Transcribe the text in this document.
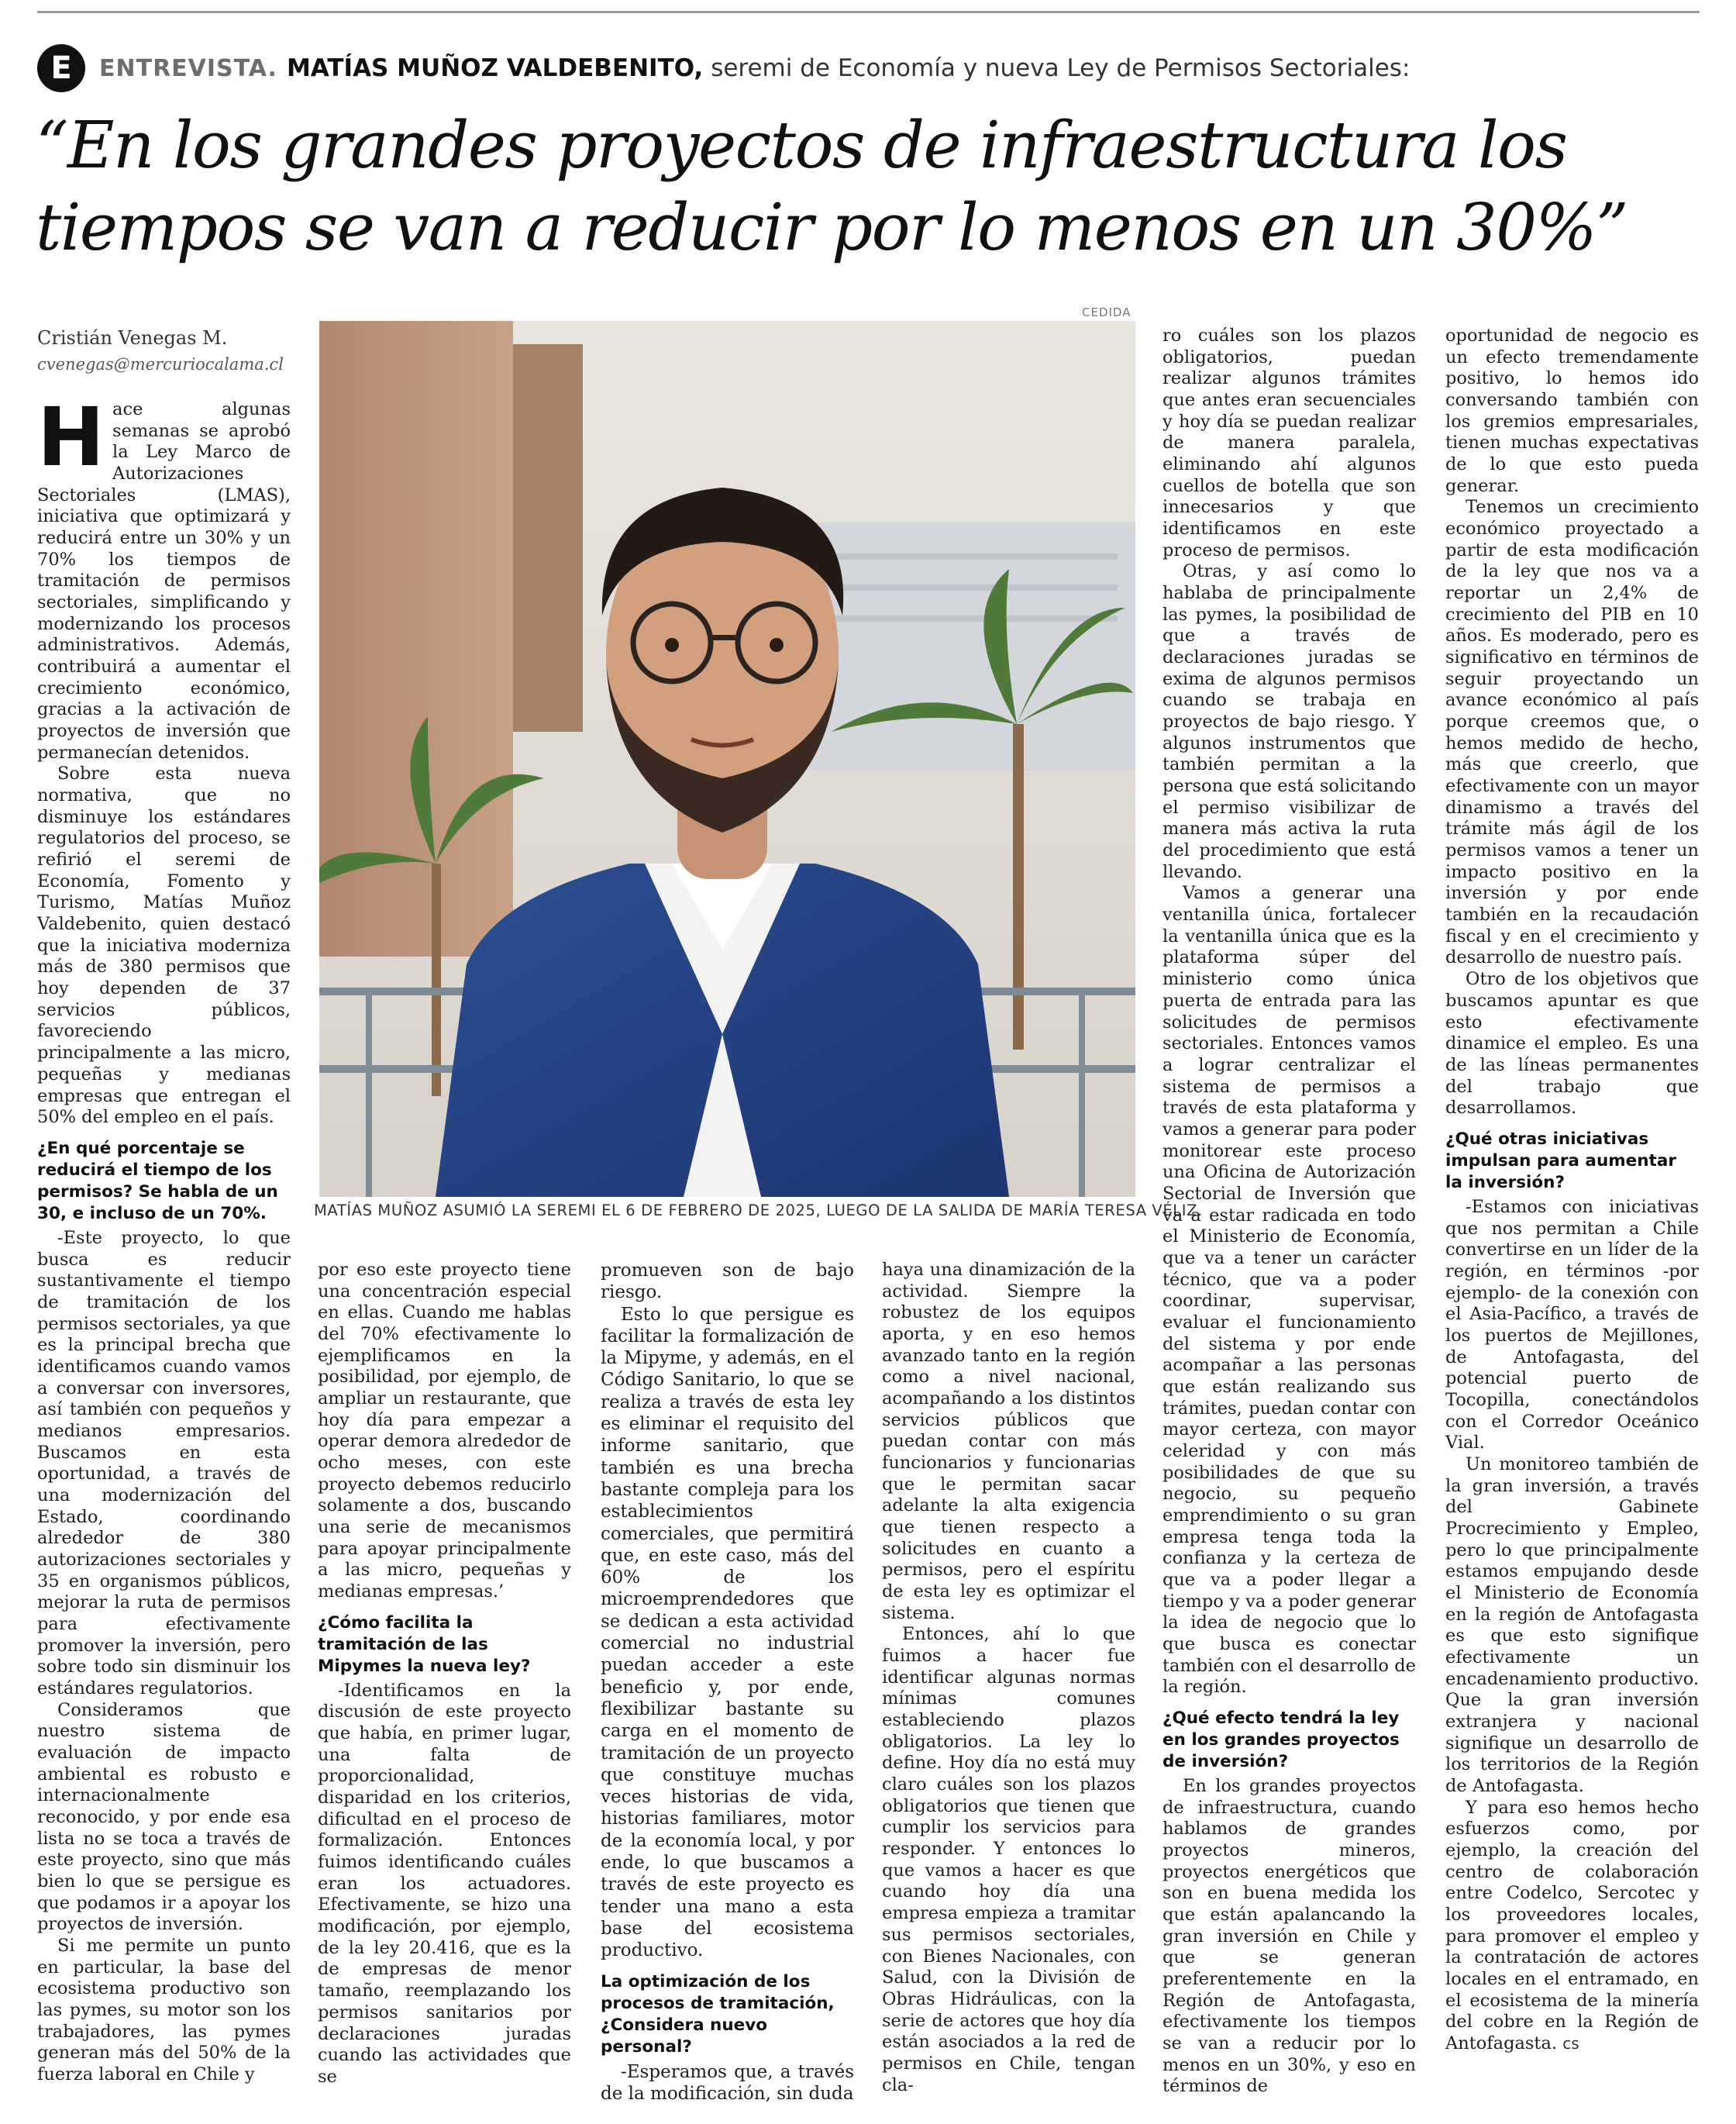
E	ENTREVISTA. MATÍAS MUÑOZ VALDEBENITO, seremi de Economía y nueva Ley de Permisos Sectoriales:
“En los grandes proyectos de infraestructura los
tiempos se van a reducir por lo menos en un 30%”
CEDIDA
Cristián Venegas M.
cvenegas@mercuriocalama.cl
MATÍAS MUÑOZ ASUMIÓ LA SEREMI EL 6 DE FEBRERO DE 2025, LUEGO DE LA SALIDA DE MARÍA TERESA VÉLIZ.

Hace algunas semanas se aprobó la Ley Marco de Autorizaciones Sectoriales (LMAS), iniciativa que optimizará y reducirá entre un 30% y un 70% los tiempos de tramitación de permisos sectoriales, simplificando y modernizando los procesos administrativos. Además, contribuirá a aumentar el crecimiento económico, gracias a la activación de proyectos de inversión que permanecían detenidos.

Sobre esta nueva normativa, que no disminuye los estándares regulatorios del proceso, se refirió el seremi de Economía, Fomento y Turismo, Matías Muñoz Valdebenito, quien destacó que la iniciativa moderniza más de 380 permisos que hoy dependen de 37 servicios públicos, favoreciendo principalmente a las micro, pequeñas y medianas empresas que entregan el 50% del empleo en el país.

¿En qué porcentaje se reducirá el tiempo de los permisos? Se habla de un 30, e incluso de un 70%.

-Este proyecto, lo que busca es reducir sustantivamente el tiempo de tramitación de los permisos sectoriales, ya que es la principal brecha que identificamos cuando vamos a conversar con inversores, así también con pequeños y medianos empresarios. Buscamos en esta oportunidad, a través de una modernización del Estado, coordinando alrededor de 380 autorizaciones sectoriales y 35 en organismos públicos, mejorar la ruta de permisos para efectivamente promover la inversión, pero sobre todo sin disminuir los estándares regulatorios.

Consideramos que nuestro sistema de evaluación de impacto ambiental es robusto e internacionalmente reconocido, y por ende esa lista no se toca a través de este proyecto, sino que más bien lo que se persigue es que podamos ir a apoyar los proyectos de inversión.

Si me permite un punto en particular, la base del ecosistema productivo son las pymes, su motor son los trabajadores, las pymes generan más del 50% de la fuerza laboral en Chile y

por eso este proyecto tiene una concentración especial en ellas. Cuando me hablas del 70% efectivamente lo ejemplificamos en la posibilidad, por ejemplo, de ampliar un restaurante, que hoy día para empezar a operar demora alrededor de ocho meses, con este proyecto debemos reducirlo solamente a dos, buscando una serie de mecanismos para apoyar principalmente a las micro, pequeñas y medianas empresas.’

¿Cómo facilita la tramitación de las Mipymes la nueva ley?

-Identificamos en la discusión de este proyecto que había, en primer lugar, una falta de proporcionalidad, disparidad en los criterios, dificultad en el proceso de formalización. Entonces fuimos identificando cuáles eran los actuadores. Efectivamente, se hizo una modificación, por ejemplo, de la ley 20.416, que es la de empresas de menor tamaño, reemplazando los permisos sanitarios por declaraciones juradas cuando las actividades que se

promueven son de bajo riesgo.

Esto lo que persigue es facilitar la formalización de la Mipyme, y además, en el Código Sanitario, lo que se realiza a través de esta ley es eliminar el requisito del informe sanitario, que también es una brecha bastante compleja para los establecimientos comerciales, que permitirá que, en este caso, más del 60% de los microemprendedores que se dedican a esta actividad comercial no industrial puedan acceder a este beneficio y, por ende, flexibilizar bastante su carga en el momento de tramitación de un proyecto que constituye muchas veces historias de vida, historias familiares, motor de la economía local, y por ende, lo que buscamos a través de este proyecto es tender una mano a esta base del ecosistema productivo.

La optimización de los procesos de tramitación, ¿Considera nuevo personal?

-Esperamos que, a través de la modificación, sin duda

haya una dinamización de la actividad. Siempre la robustez de los equipos aporta, y en eso hemos avanzado tanto en la región como a nivel nacional, acompañando a los distintos servicios públicos que puedan contar con más funcionarios y funcionarias que le permitan sacar adelante la alta exigencia que tienen respecto a solicitudes en cuanto a permisos, pero el espíritu de esta ley es optimizar el sistema.

Entonces, ahí lo que fuimos a hacer fue identificar algunas normas mínimas comunes estableciendo plazos obligatorios. La ley lo define. Hoy día no está muy claro cuáles son los plazos obligatorios que tienen que cumplir los servicios para responder. Y entonces lo que vamos a hacer es que cuando hoy día una empresa empieza a tramitar sus permisos sectoriales, con Bienes Nacionales, con Salud, con la División de Obras Hidráulicas, con la serie de actores que hoy día están asociados a la red de permisos en Chile, tengan cla-

ro cuáles son los plazos obligatorios, puedan realizar algunos trámites que antes eran secuenciales y hoy día se puedan realizar de manera paralela, eliminando ahí algunos cuellos de botella que son innecesarios y que identificamos en este proceso de permisos.

Otras, y así como lo hablaba de principalmente las pymes, la posibilidad de que a través de declaraciones juradas se exima de algunos permisos cuando se trabaja en proyectos de bajo riesgo. Y algunos instrumentos que también permitan a la persona que está solicitando el permiso visibilizar de manera más activa la ruta del procedimiento que está llevando.

Vamos a generar una ventanilla única, fortalecer la ventanilla única que es la plataforma súper del ministerio como única puerta de entrada para las solicitudes de permisos sectoriales. Entonces vamos a lograr centralizar el sistema de permisos a través de esta plataforma y vamos a generar para poder monitorear este proceso una Oficina de Autorización Sectorial de Inversión que va a estar radicada en todo el Ministerio de Economía, que va a tener un carácter técnico, que va a poder coordinar, supervisar, evaluar el funcionamiento del sistema y por ende acompañar a las personas que están realizando sus trámites, puedan contar con mayor certeza, con mayor celeridad y con más posibilidades de que su negocio, su pequeño emprendimiento o su gran empresa tenga toda la confianza y la certeza de que va a poder llegar a tiempo y va a poder generar la idea de negocio que lo que busca es conectar también con el desarrollo de la región.

¿Qué efecto tendrá la ley en los grandes proyectos de inversión?

En los grandes proyectos de infraestructura, cuando hablamos de grandes proyectos mineros, proyectos energéticos que son en buena medida los que están apalancando la gran inversión en Chile y que se generan preferentemente en la Región de Antofagasta, efectivamente los tiempos se van a reducir por lo menos en un 30%, y eso en términos de

oportunidad de negocio es un efecto tremendamente positivo, lo hemos ido conversando también con los gremios empresariales, tienen muchas expectativas de lo que esto pueda generar.

Tenemos un crecimiento económico proyectado a partir de esta modificación de la ley que nos va a reportar un 2,4% de crecimiento del PIB en 10 años. Es moderado, pero es significativo en términos de seguir proyectando un avance económico al país porque creemos que, o hemos medido de hecho, más que creerlo, que efectivamente con un mayor dinamismo a través del trámite más ágil de los permisos vamos a tener un impacto positivo en la inversión y por ende también en la recaudación fiscal y en el crecimiento y desarrollo de nuestro país.

Otro de los objetivos que buscamos apuntar es que esto efectivamente dinamice el empleo. Es una de las líneas permanentes del trabajo que desarrollamos.

¿Qué otras iniciativas impulsan para aumentar la inversión?

-Estamos con iniciativas que nos permitan a Chile convertirse en un líder de la región, en términos -por ejemplo- de la conexión con el Asia-Pacífico, a través de los puertos de Mejillones, de Antofagasta, del potencial puerto de Tocopilla, conectándolos con el Corredor Oceánico Vial.

Un monitoreo también de la gran inversión, a través del Gabinete Procrecimiento y Empleo, pero lo que principalmente estamos empujando desde el Ministerio de Economía en la región de Antofagasta es que esto signifique efectivamente un encadenamiento productivo. Que la gran inversión extranjera y nacional signifique un desarrollo de los territorios de la Región de Antofagasta.

Y para eso hemos hecho esfuerzos como, por ejemplo, la creación del centro de colaboración entre Codelco, Sercotec y los proveedores locales, para promover el empleo y la contratación de actores locales en el entramado, en el ecosistema de la minería del cobre en la Región de Antofagasta. cs
